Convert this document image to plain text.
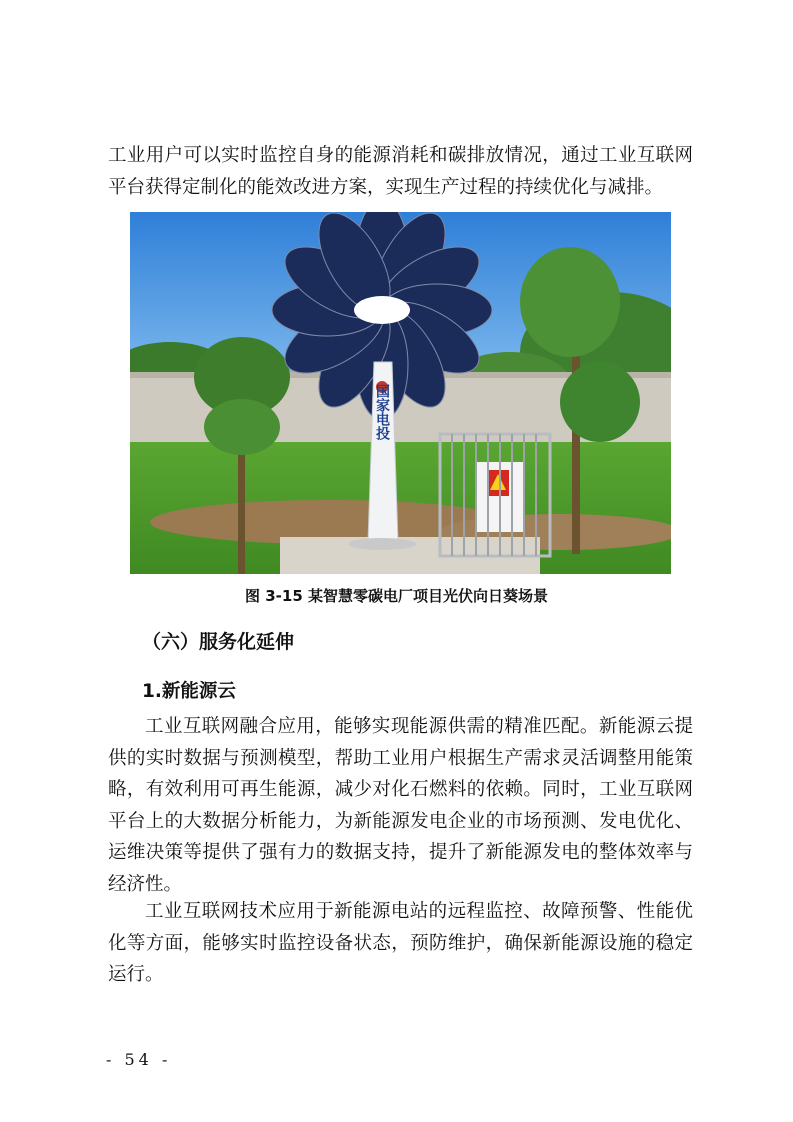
工业用户可以实时监控自身的能源消耗和碳排放情况，通过工业互联网平台获得定制化的能效改进方案，实现生产过程的持续优化与减排。

国家电投
图 3-15 某智慧零碳电厂项目光伏向日葵场景
（六）服务化延伸
1.新能源云

工业互联网融合应用，能够实现能源供需的精准匹配。新能源云提供的实时数据与预测模型，帮助工业用户根据生产需求灵活调整用能策略，有效利用可再生能源，减少对化石燃料的依赖。同时，工业互联网平台上的大数据分析能力，为新能源发电企业的市场预测、发电优化、运维决策等提供了强有力的数据支持，提升了新能源发电的整体效率与经济性。

工业互联网技术应用于新能源电站的远程监控、故障预警、性能优化等方面，能够实时监控设备状态，预防维护，确保新能源设施的稳定运行。

- 54 -
